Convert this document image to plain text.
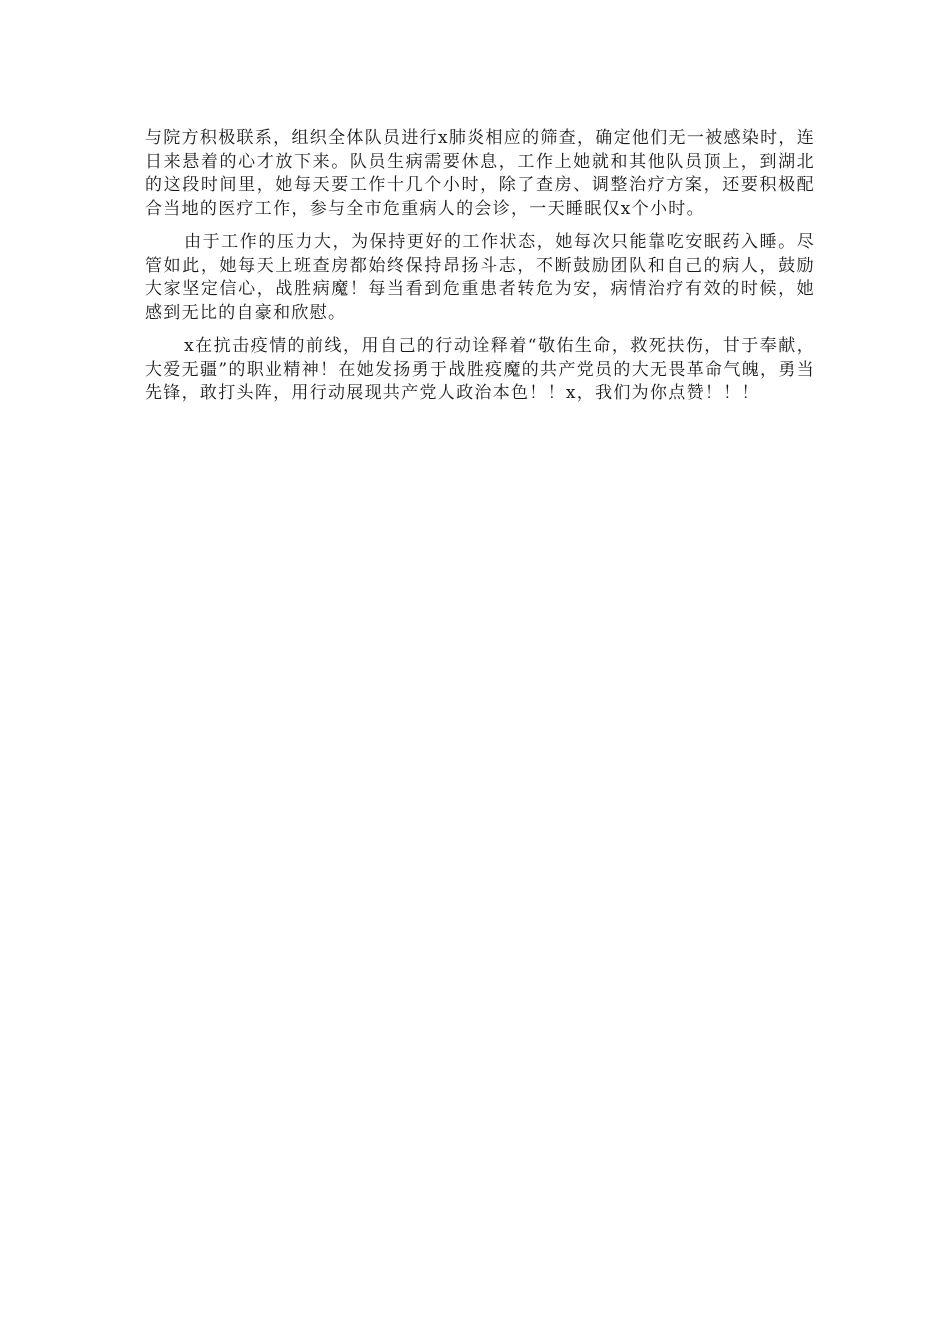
与院方积极联系，组织全体队员进行x肺炎相应的筛查，确定他们无一被感染时，连日来悬着的心才放下来。队员生病需要休息，工作上她就和其他队员顶上，到湖北的这段时间里，她每天要工作十几个小时，除了查房、调整治疗方案，还要积极配合当地的医疗工作，参与全市危重病人的会诊，一天睡眠仅x个小时。

由于工作的压力大，为保持更好的工作状态，她每次只能靠吃安眠药入睡。尽管如此，她每天上班查房都始终保持昂扬斗志，不断鼓励团队和自己的病人，鼓励大家坚定信心，战胜病魔！每当看到危重患者转危为安，病情治疗有效的时候，她感到无比的自豪和欣慰。

x在抗击疫情的前线，用自己的行动诠释着“敬佑生命，救死扶伤，甘于奉献，大爱无疆”的职业精神！在她发扬勇于战胜疫魔的共产党员的大无畏革命气魄，勇当先锋，敢打头阵，用行动展现共产党人政治本色！！x，我们为你点赞！！！
